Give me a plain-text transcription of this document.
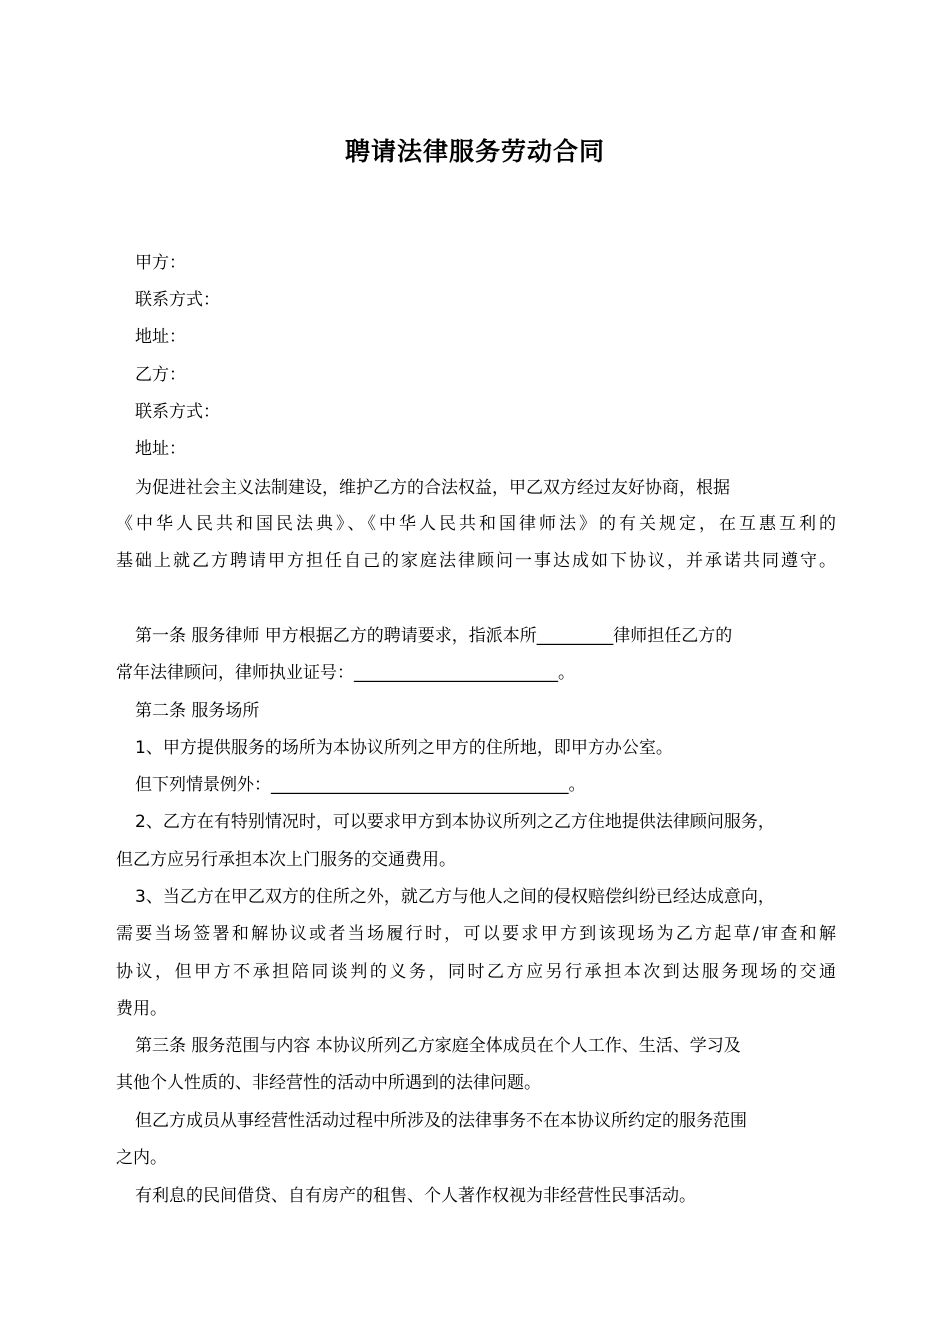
聘请法律服务劳动合同
甲方：
联系方式：
地址：
乙方：
联系方式：
地址：
为促进社会主义法制建设，维护乙方的合法权益，甲乙双方经过友好协商，根据
《中华人民共和国民法典》、《中华人民共和国律师法》的有关规定，在互惠互利的
基础上就乙方聘请甲方担任自己的家庭法律顾问一事达成如下协议，并承诺共同遵守。
第一条 服务律师 甲方根据乙方的聘请要求，指派本所_________律师担任乙方的
常年法律顾问，律师执业证号：________________________。
第二条 服务场所
1、甲方提供服务的场所为本协议所列之甲方的住所地，即甲方办公室。
但下列情景例外：___________________________________。
2、乙方在有特别情况时，可以要求甲方到本协议所列之乙方住地提供法律顾问服务，
但乙方应另行承担本次上门服务的交通费用。
3、当乙方在甲乙双方的住所之外，就乙方与他人之间的侵权赔偿纠纷已经达成意向，
需要当场签署和解协议或者当场履行时，可以要求甲方到该现场为乙方起草/审查和解
协议，但甲方不承担陪同谈判的义务，同时乙方应另行承担本次到达服务现场的交通
费用。
第三条 服务范围与内容 本协议所列乙方家庭全体成员在个人工作、生活、学习及
其他个人性质的、非经营性的活动中所遇到的法律问题。
但乙方成员从事经营性活动过程中所涉及的法律事务不在本协议所约定的服务范围
之内。
有利息的民间借贷、自有房产的租售、个人著作权视为非经营性民事活动。
